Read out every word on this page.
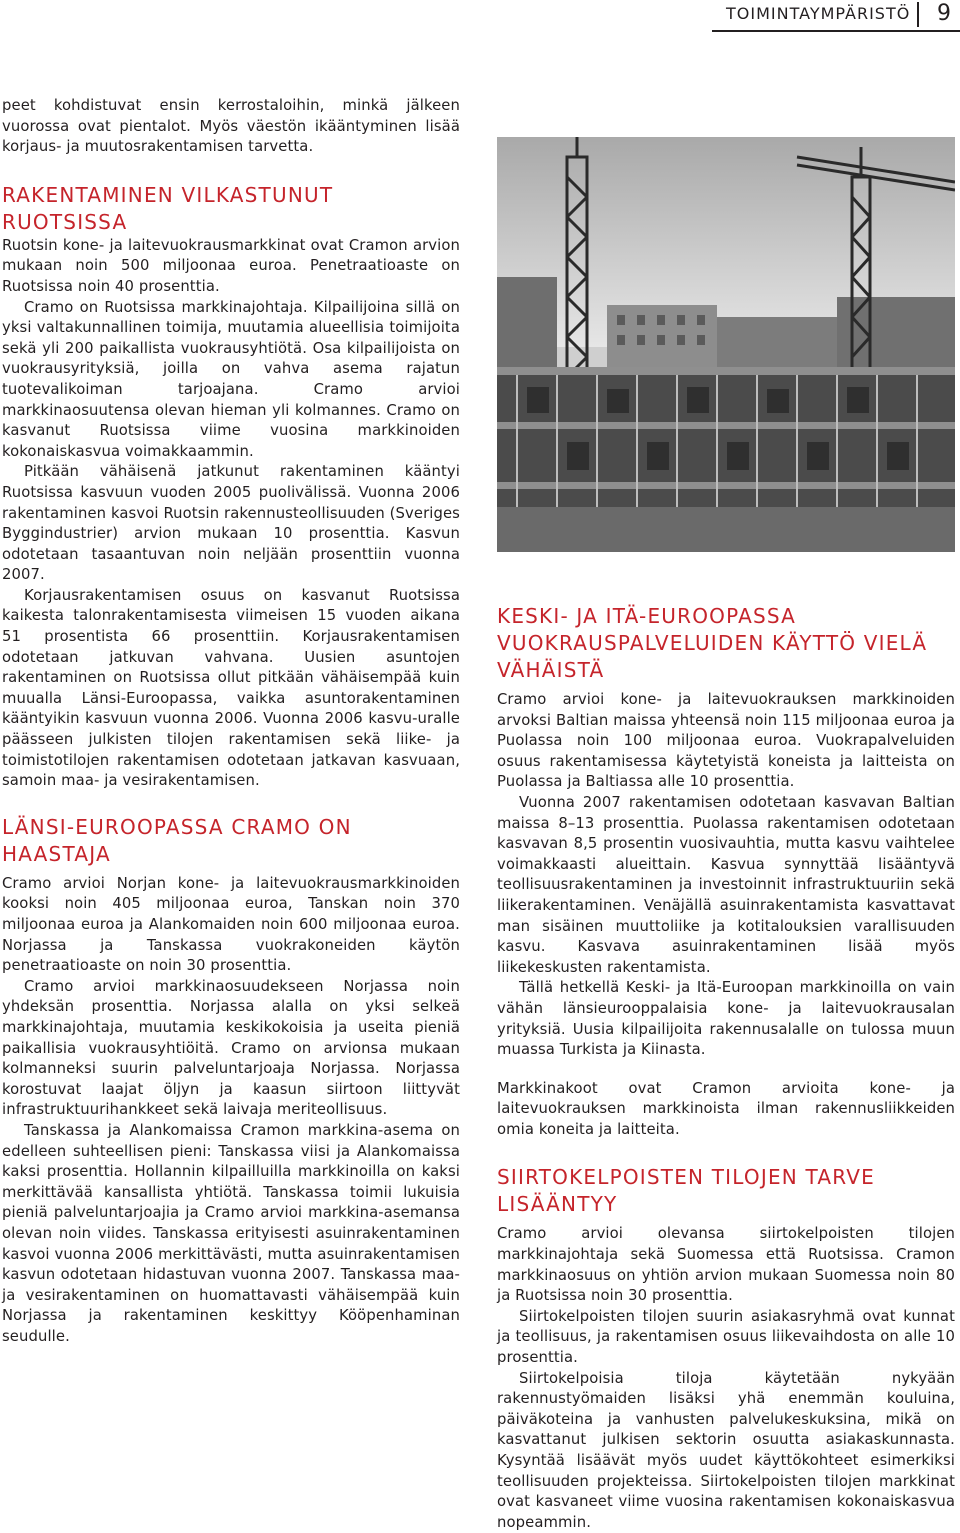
TOIMINTAYMPÄRISTÖ 9

peet kohdistuvat ensin kerrostaloihin, minkä jälkeen vuorossa ovat pientalot. Myös väestön ikääntyminen lisää korjaus- ja muutosrakentamisen tarvetta.

RAKENTAMINEN VILKASTUNUT RUOTSISSA

Ruotsin kone- ja laitevuokrausmarkkinat ovat Cramon arvion mukaan noin 500 miljoonaa euroa. Penetraatioaste on Ruotsissa noin 40 prosenttia.

Cramo on Ruotsissa markkinajohtaja. Kilpailijoina sillä on yksi valtakunnallinen toimija, muutamia alueellisia toimijoita sekä yli 200 paikallista vuokrausyhtiötä. Osa kilpailijoista on vuokrausyrityksiä, joilla on vahva asema rajatun tuotevalikoiman tarjoajana. Cramo arvioi markkinaosuutensa olevan hieman yli kolmannes. Cramo on kasvanut Ruotsissa viime vuosina markkinoiden kokonaiskasvua voimakkaammin.

Pitkään vähäisenä jatkunut rakentaminen kääntyi Ruotsissa kasvuun vuoden 2005 puolivälissä. Vuonna 2006 rakentaminen kasvoi Ruotsin rakennusteollisuuden (Sveriges Byggindustrier) arvion mukaan 10 prosenttia. Kasvun odotetaan tasaantuvan noin neljään prosenttiin vuonna 2007.

Korjausrakentamisen osuus on kasvanut Ruotsissa kaikesta talonrakentamisesta viimeisen 15 vuoden aikana 51 prosentista 66 prosenttiin. Korjausrakentamisen odotetaan jatkuvan vahvana. Uusien asuntojen rakentaminen on Ruotsissa ollut pitkään vähäisempää kuin muualla Länsi-Euroopassa, vaikka asuntorakentaminen kääntyikin kasvuun vuonna 2006. Vuonna 2006 kasvu-uralle päässeen julkisten tilojen rakentamisen sekä liike- ja toimistotilojen rakentamisen odotetaan jatkavan kasvuaan, samoin maa- ja vesirakentamisen.

LÄNSI-EUROOPASSA CRAMO ON HAASTAJA

Cramo arvioi Norjan kone- ja laitevuokrausmarkkinoiden kooksi noin 405 miljoonaa euroa, Tanskan noin 370 miljoonaa euroa ja Alankomaiden noin 600 miljoonaa euroa. Norjassa ja Tanskassa vuokrakoneiden käytön penetraatioaste on noin 30 prosenttia.

Cramo arvioi markkinaosuudekseen Norjassa noin yhdeksän prosenttia. Norjassa alalla on yksi selkeä markkinajohtaja, muutamia keskikokoisia ja useita pieniä paikallisia vuokrausyhtiöitä. Cramo on arvionsa mukaan kolmanneksi suurin palveluntarjoaja Norjassa. Norjassa korostuvat laajat öljyn ja kaasun siirtoon liittyvät infrastruktuurihankkeet sekä laivaja meriteollisuus.

Tanskassa ja Alankomaissa Cramon markkina-asema on edelleen suhteellisen pieni: Tanskassa viisi ja Alankomaissa kaksi prosenttia. Hollannin kilpailluilla markkinoilla on kaksi merkittävää kansallista yhtiötä. Tanskassa toimii lukuisia pieniä palveluntarjoajia ja Cramo arvioi markkina-asemansa olevan noin viides. Tanskassa erityisesti asuinrakentaminen kasvoi vuonna 2006 merkittävästi, mutta asuinrakentamisen kasvun odotetaan hidastuvan vuonna 2007. Tanskassa maa- ja vesirakentaminen on huomattavasti vähäisempää kuin Norjassa ja rakentaminen keskittyy Kööpenhaminan seudulle.

KESKI- JA ITÄ-EUROOPASSA VUOKRAUSPALVELUIDEN KÄYTTÖ VIELÄ VÄHÄISTÄ

Cramo arvioi kone- ja laitevuokrauksen markkinoiden arvoksi Baltian maissa yhteensä noin 115 miljoonaa euroa ja Puolassa noin 100 miljoonaa euroa. Vuokrapalveluiden osuus rakentamisessa käytetyistä koneista ja laitteista on Puolassa ja Baltiassa alle 10 prosenttia.

Vuonna 2007 rakentamisen odotetaan kasvavan Baltian maissa 8–13 prosenttia. Puolassa rakentamisen odotetaan kasvavan 8,5 prosentin vuosivauhtia, mutta kasvu vaihtelee voimakkaasti alueittain. Kasvua synnyttää lisääntyvä teollisuusrakentaminen ja investoinnit infrastruktuuriin sekä liikerakentaminen. Venäjällä asuinrakentamista kasvattavat man sisäinen muuttoliike ja kotitalouksien varallisuuden kasvu. Kasvava asuinrakentaminen lisää myös liikekeskusten rakentamista.

Tällä hetkellä Keski- ja Itä-Euroopan markkinoilla on vain vähän länsieurooppalaisia kone- ja laitevuokrausalan yrityksiä. Uusia kilpailijoita rakennusalalle on tulossa muun muassa Turkista ja Kiinasta.

Markkinakoot ovat Cramon arvioita kone- ja laitevuokrauksen markkinoista ilman rakennusliikkeiden omia koneita ja laitteita.

SIIRTOKELPOISTEN TILOJEN TARVE LISÄÄNTYY

Cramo arvioi olevansa siirtokelpoisten tilojen markkinajohtaja sekä Suomessa että Ruotsissa. Cramon markkinaosuus on yhtiön arvion mukaan Suomessa noin 80 ja Ruotsissa noin 30 prosenttia.

Siirtokelpoisten tilojen suurin asiakasryhmä ovat kunnat ja teollisuus, ja rakentamisen osuus liikevaihdosta on alle 10 prosenttia.

Siirtokelpoisia tiloja käytetään nykyään rakennustyömaiden lisäksi yhä enemmän kouluina, päiväkoteina ja vanhusten palvelukeskuksina, mikä on kasvattanut julkisen sektorin osuutta asiakaskunnasta. Kysyntää lisäävät myös uudet käyttökohteet esimerkiksi teollisuuden projekteissa. Siirtokelpoisten tilojen markkinat ovat kasvaneet viime vuosina rakentamisen kokonaiskasvua nopeammin.
